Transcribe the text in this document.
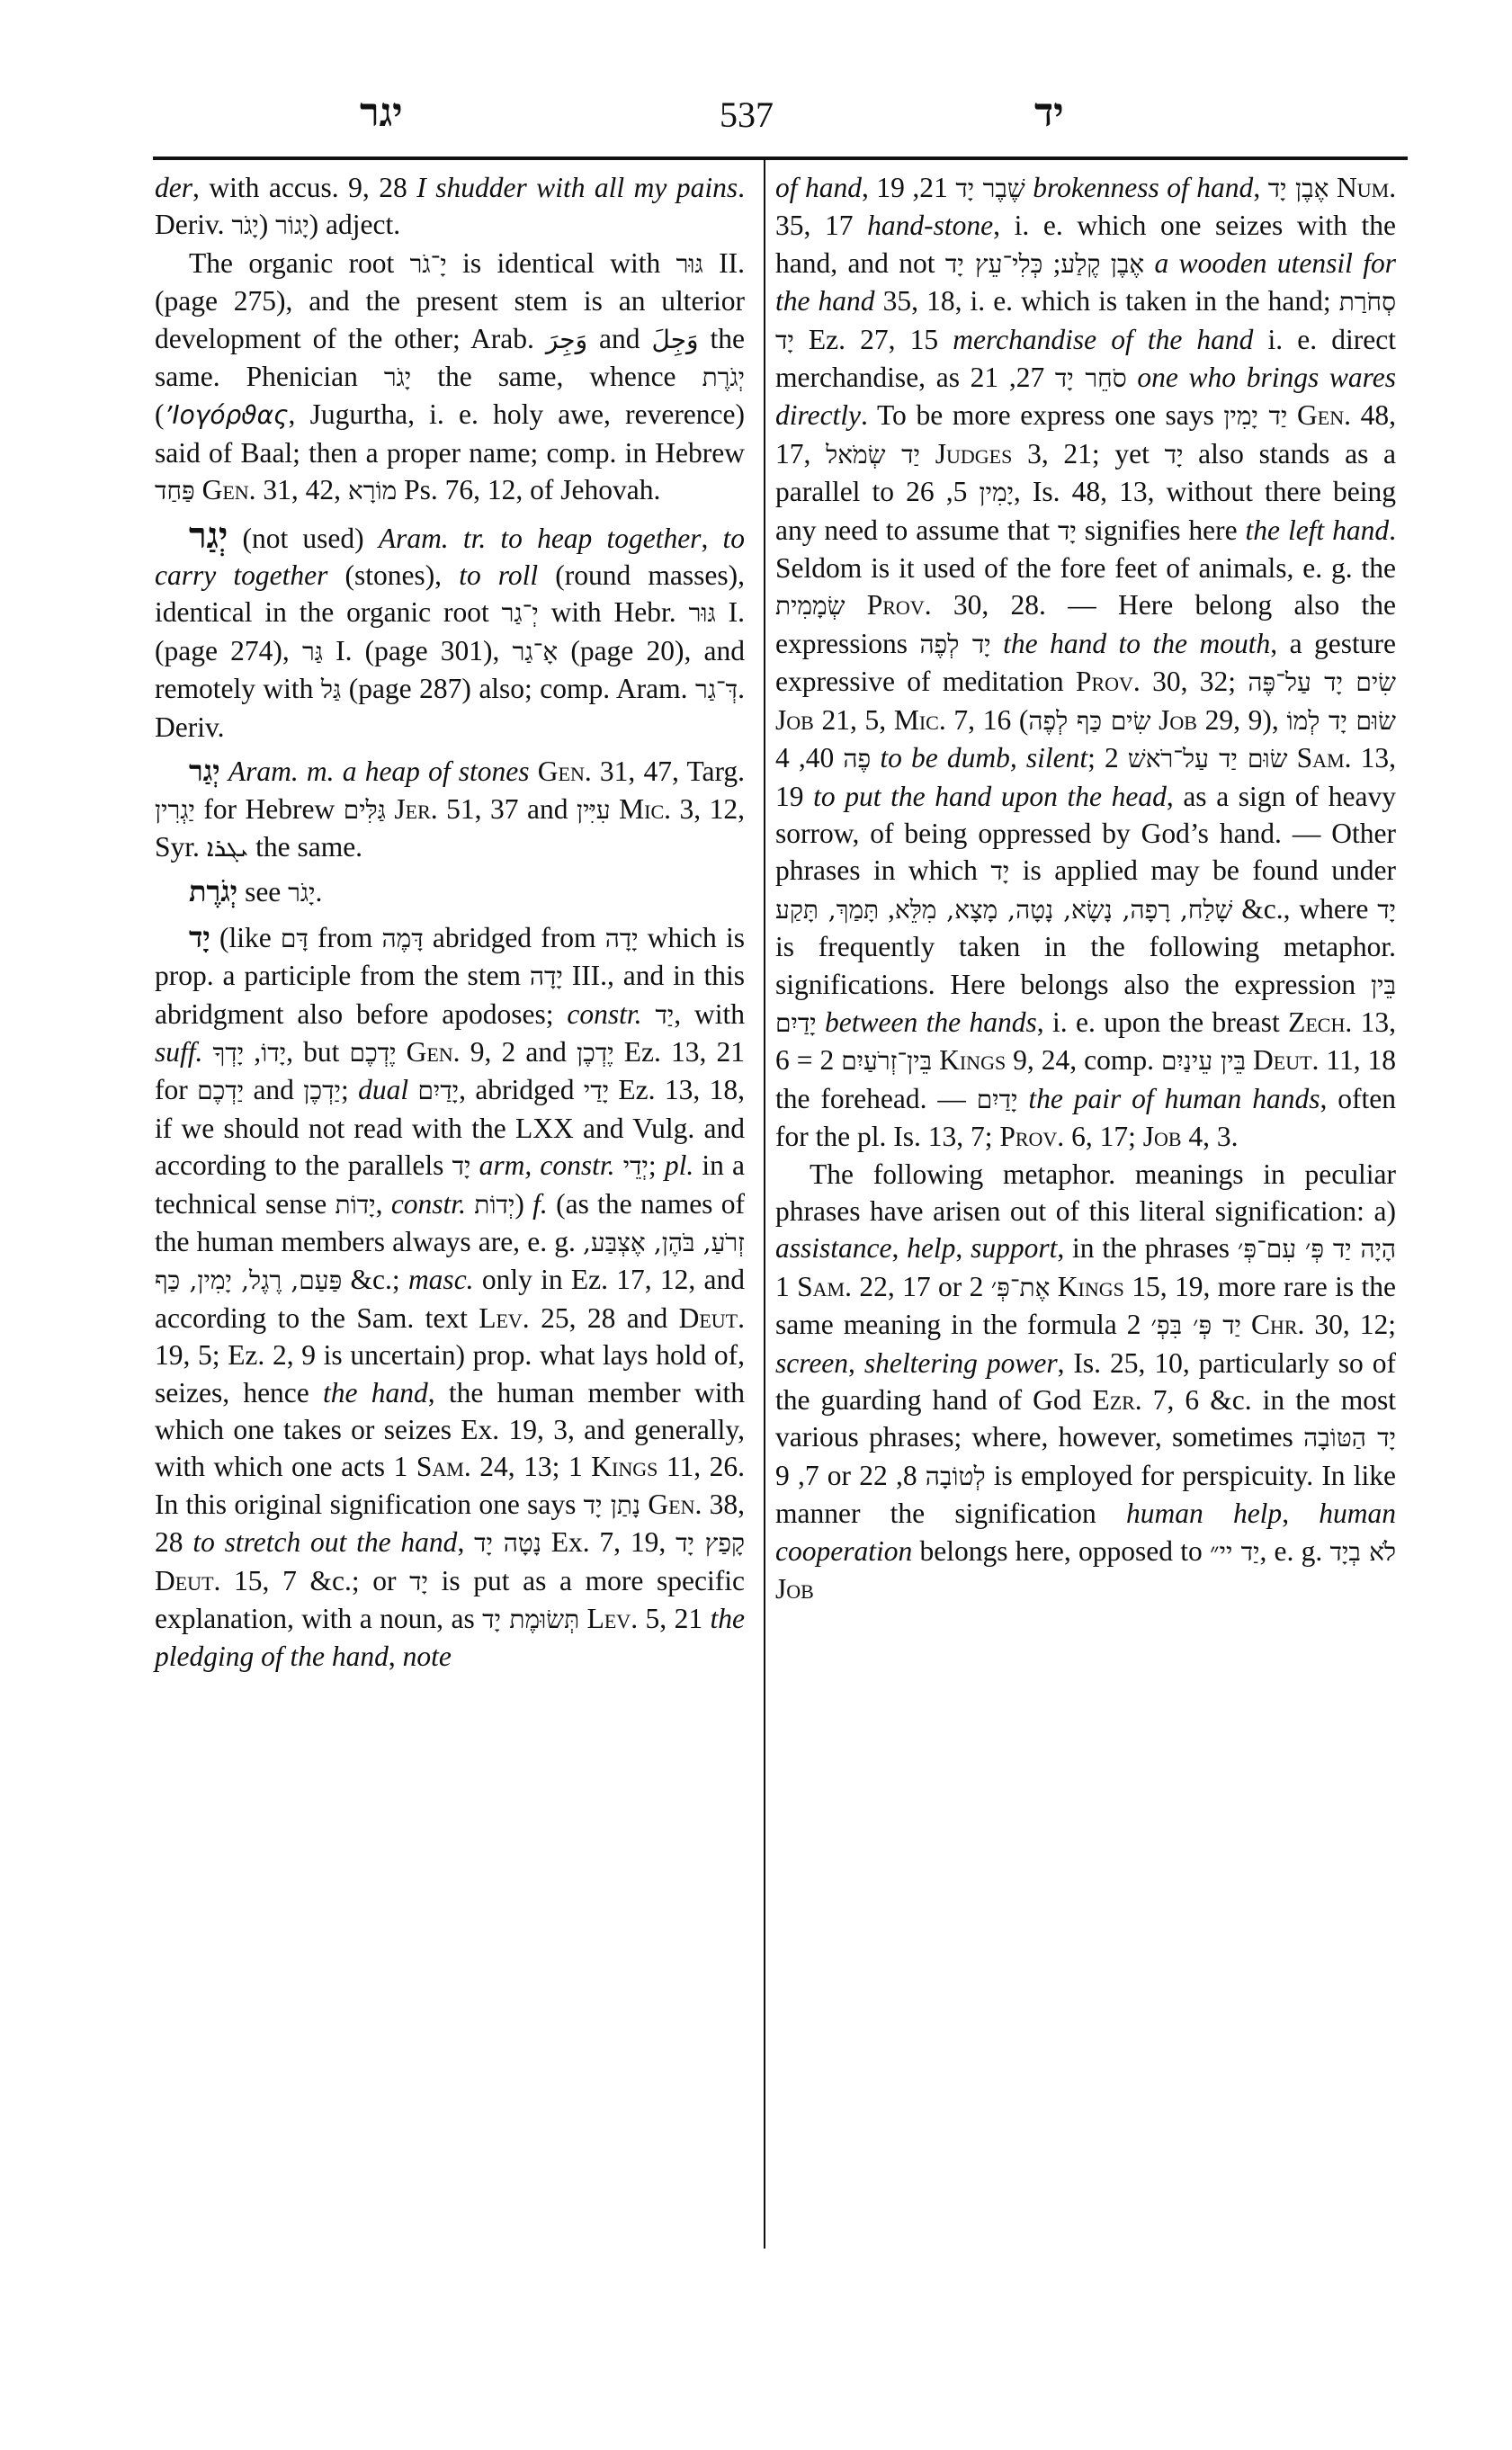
יגר	537	יד

der, with accus. 9, 28 I shudder with all my pains. Deriv. יָגוֹר (יָגֹר ) adject.

The organic root יָ־גֹר is identical with גּוּר II. (page 275), and the present stem is an ulterior development of the other; Arab. وَجِرَ and وَجِلَ the same. Phenician יָגֹר the same, whence יְגֹרֶת (’Ιογόρϑας, Jugurtha, i. e. holy awe, reverence) said of Baal; then a proper name; comp. in Hebrew פַּחַד Gen. 31, 42, מוֹרָא Ps. 76, 12, of Jehovah.

יְגַר (not used) Aram. tr. to heap together, to carry together (stones), to roll (round masses), identical in the organic root יְ־גַר with Hebr. גּוּר I. (page 274), גַּר I. (page 301), אָ־גַר (page 20), and remotely with גַּל (page 287) also; comp. Aram. דְּ־גַר. Deriv.

יְגַר Aram. m. a heap of stones Gen. 31, 47, Targ. יַגְרִין for Hebrew גַּלִּים Jer. 51, 37 and עִיִּין Mic. 3, 12, Syr. ܝܓܪܐ the same.

יְגֹרֶת see יָגֹר.

יָד (like דָּם from דָּמֶה abridged from יָדָה which is prop. a participle from the stem יָדָה III., and in this abridgment also before apodoses; constr. יַד, with suff. יָדוֹ, יָדְךָ , but יֶדְכֶם Gen. 9, 2 and יֶדְכֶן Ez. 13, 21 for יַדְכֶם and יַדְכֶן; dual יָדַיִם, abridged יָדַי Ez. 13, 18, if we should not read with the LXX and Vulg. and according to the parallels יָד arm, constr. יְדֵי; pl. in a technical sense יָדוֹת, constr. יְדוֹת) f. (as the names of the human members always are, e. g. זְרֹעַ, בֹּהֶן, אֶצְבַּע, פַּעַם, רֶגֶל, יָמִין, כַּף &c.; masc. only in Ez. 17, 12, and according to the Sam. text Lev. 25, 28 and Deut. 19, 5; Ez. 2, 9 is uncertain) prop. what lays hold of, seizes, hence the hand, the human member with which one takes or seizes Ex. 19, 3, and generally, with which one acts 1 Sam. 24, 13; 1 Kings 11, 26. In this original signification one says נָתַן יָד Gen. 38, 28 to stretch out the hand, נָטָה יָד Ex. 7, 19, קָפַץ יָד Deut. 15, 7 &c.; or יָד is put as a more specific explanation, with a noun, as תְּשׂוּמֶת יָד Lev. 5, 21 the pledging of the hand, note

of hand,	שֶׁבֶר יָד 21, 19 brokenness of hand, אֶבֶן יָד Num. 35, 17 hand-stone, i. e. which one seizes with the hand, and not	אֶבֶן קֶלַע; כְּלִי־עֵץ יָד	a wooden utensil for the hand 35, 18, i. e. which is taken in the hand; סְחֹרַת יָד Ez. 27, 15 merchandise of the hand i. e. direct merchandise, as	סֹחֵר יָד 27, 21 one who brings wares directly. To be more express one says יַד יָמִין Gen. 48, 17, יַד שְׂמֹאל Judges 3, 21; yet יָד also stands as a parallel to	יָמִין 5, 26, Is. 48, 13, without there being any need to assume that יָד signifies here the left hand. Seldom is it used of the fore feet of animals, e. g. the שְׂמָמִית Prov. 30, 28. — Here belong also the expressions יָד לְפֶה the hand to the mouth, a gesture expressive of meditation Prov. 30, 32; שִׂים יָד עַל־פֶּה Job 21, 5, Mic. 7, 16 (שִׂים כַּף לְפֶה Job 29, 9), שׂוּם יָד לְמוֹ פֶה 40, 4 to be dumb, silent; שׂוּם יַד עַל־רֹאשׁ 2 Sam. 13, 19 to put the hand upon the head, as a sign of heavy sorrow, of being oppressed by God’s hand. — Other phrases in which יָד is applied may be found under שָׁלַח, רָפָה, נָשָׂא, נָטָה, מָצָא, מִלֵּא, תָּמַךְ, תָּקַע	&c., where יָד is frequently taken in the following metaphor. significations. Here belongs also the expression בֵּין יָדַיִם between the hands, i. e. upon the breast Zech. 13, 6 = בֵּין־זְרֹעַיִם 2 Kings 9, 24, comp. בֵּין עֵינַיִם Deut. 11, 18 the forehead. — יָדַיִם the pair of human hands, often for the pl. Is. 13, 7; Prov. 6, 17; Job 4, 3.

The following metaphor. meanings in peculiar phrases have arisen out of this literal signification: a) assistance, help, support, in the phrases הָיָה יַד פְּ׳ עִם־פְּ׳ 1 Sam. 22, 17 or אֶת־פְּ׳ 2 Kings 15, 19, more rare is the same meaning in the formula יַד פְּ׳ בִּפְ׳ 2 Chr. 30, 12; screen, sheltering power, Is. 25, 10, particularly so of the guarding hand of God Ezr. 7, 6 &c. in the most various phrases; where, however, sometimes יָד הַטּוֹבָה 7, 9 or	לְטוֹבָה 8, 22 is employed for perspicuity. In like manner the signification human help, human cooperation belongs here, opposed to יַד יי״, e. g. לֹא בְיָד Job
